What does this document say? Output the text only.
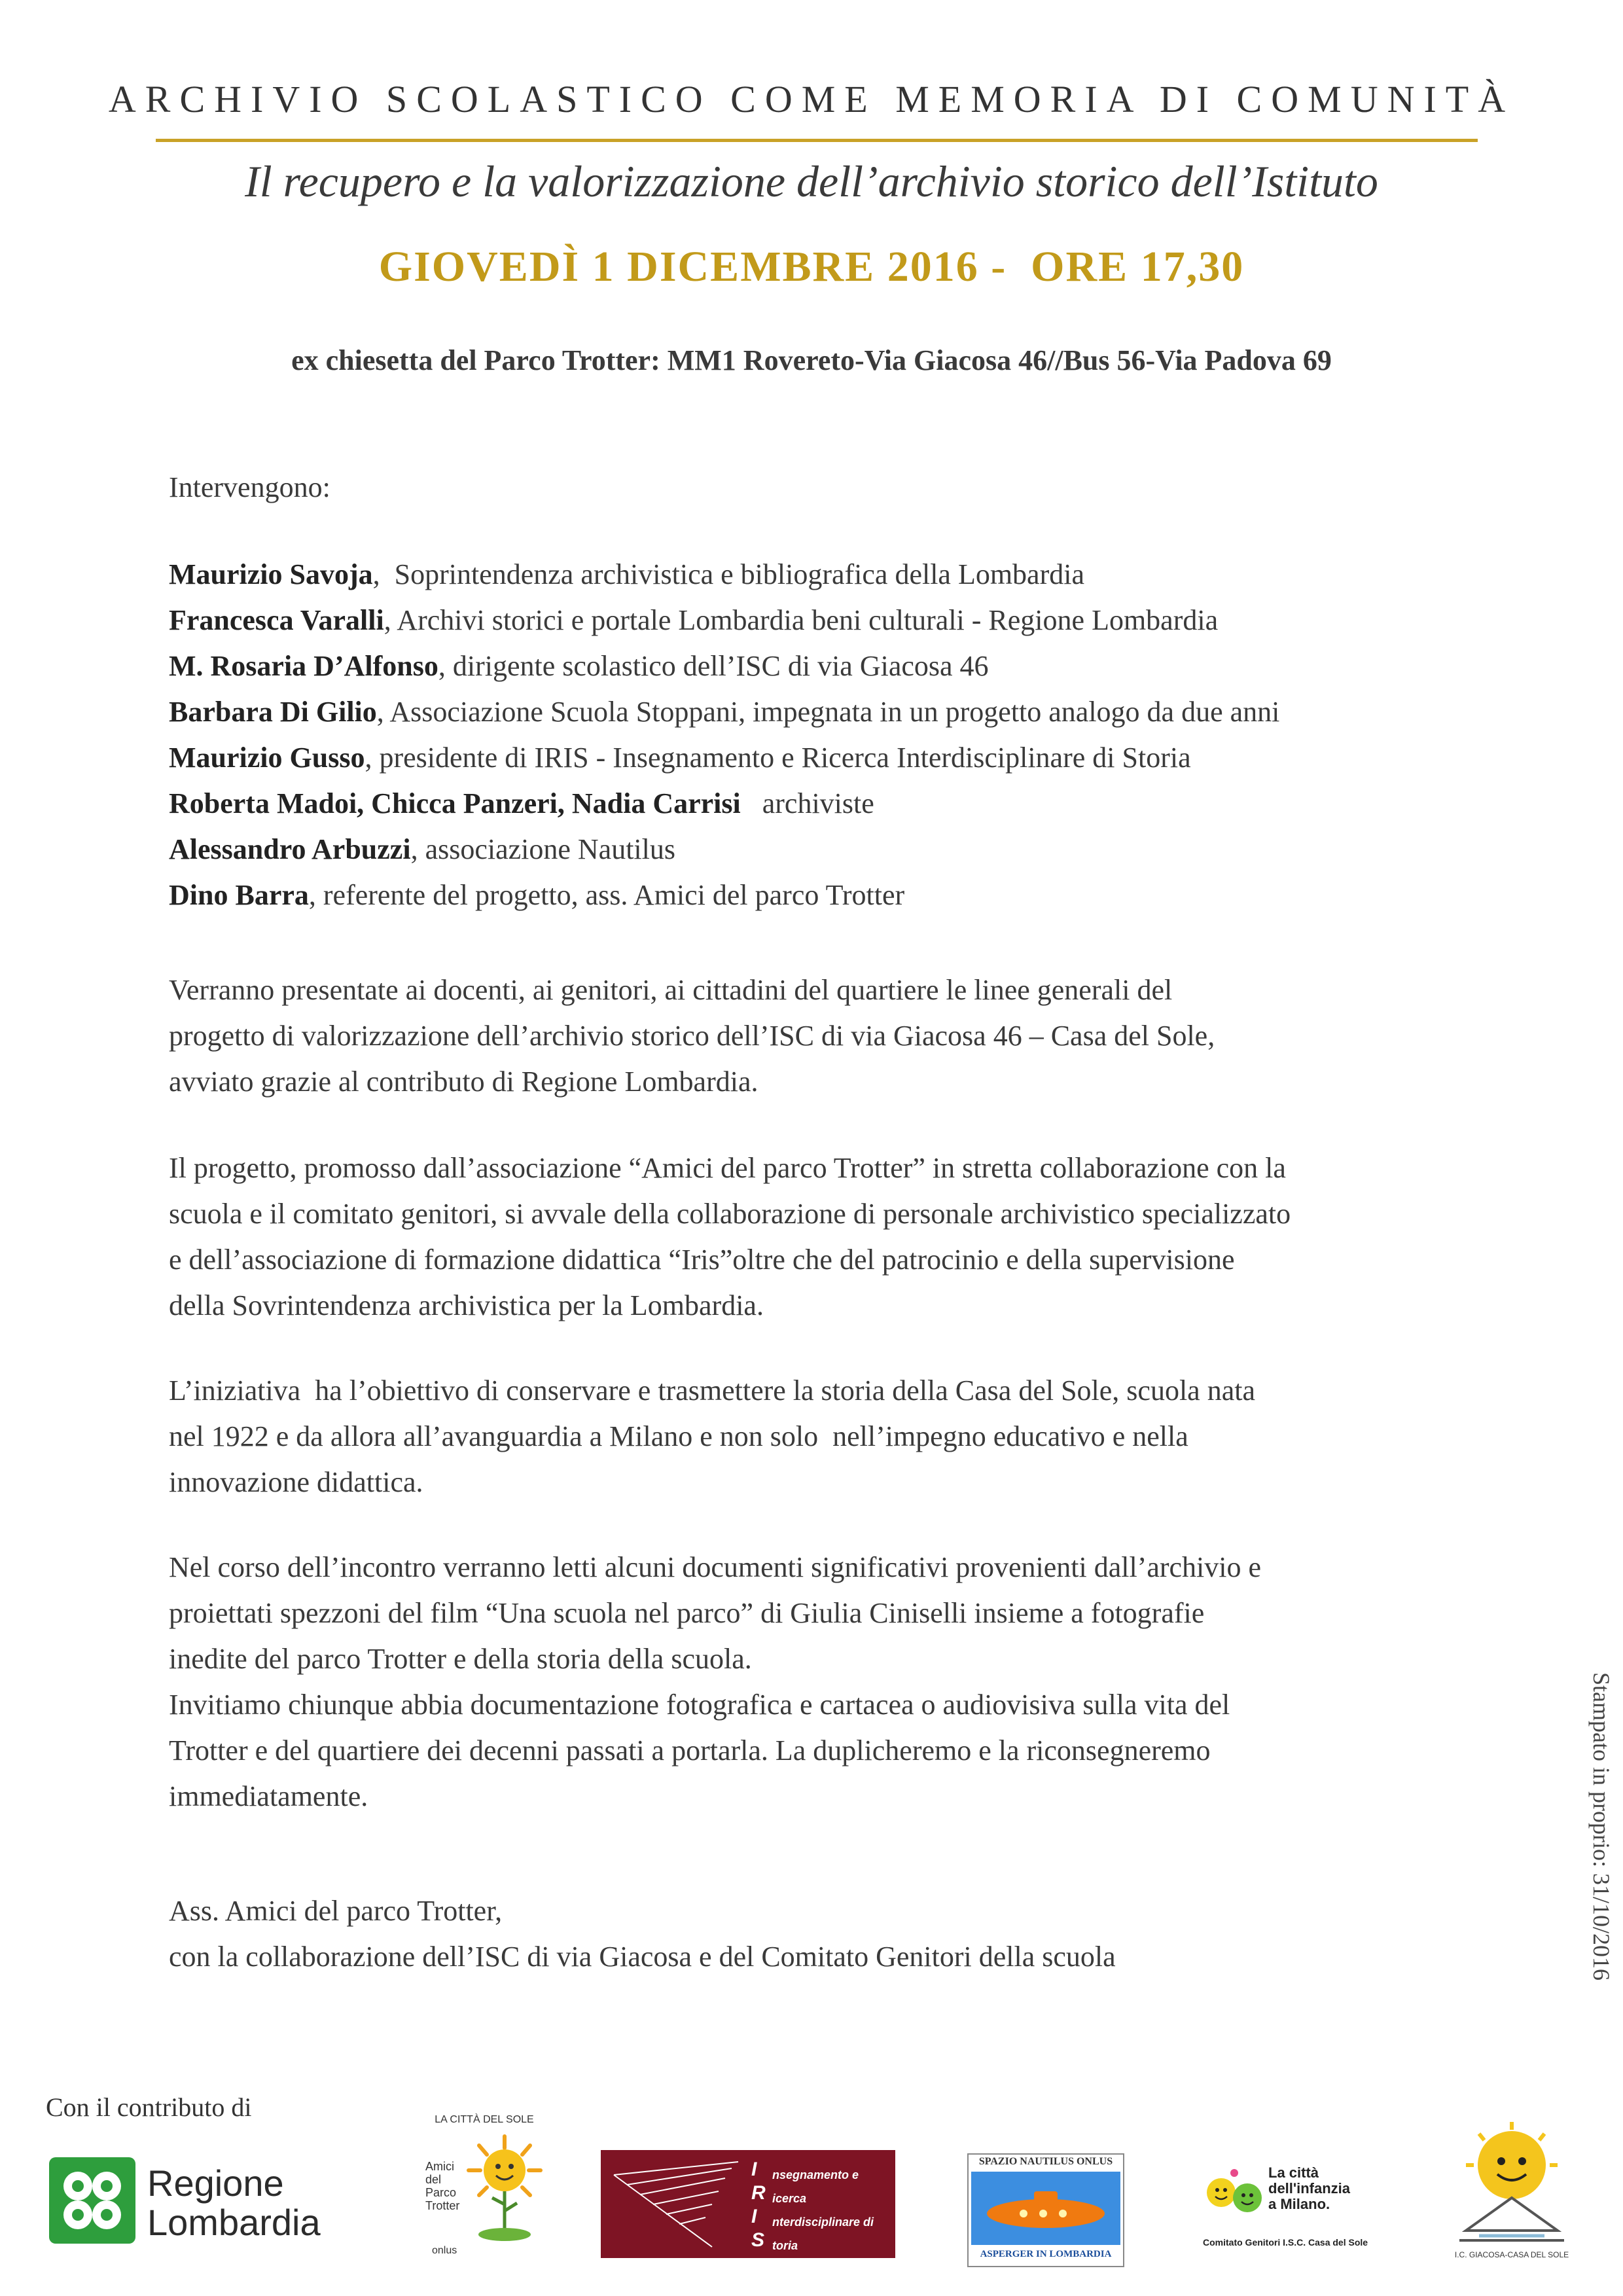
ARCHIVIO SCOLASTICO COME MEMORIA DI COMUNITÀ
Il recupero e la valorizzazione dell’archivio storico dell’Istituto
GIOVEDÌ 1 DICEMBRE 2016 -  ORE 17,30
ex chiesetta del Parco Trotter: MM1 Rovereto-Via Giacosa 46//Bus 56-Via Padova 69
Intervengono:
Maurizio Savoja,  Soprintendenza archivistica e bibliografica della Lombardia
Francesca Varalli, Archivi storici e portale Lombardia beni culturali - Regione Lombardia
M. Rosaria D’Alfonso, dirigente scolastico dell’ISC di via Giacosa 46
Barbara Di Gilio, Associazione Scuola Stoppani, impegnata in un progetto analogo da due anni
Maurizio Gusso, presidente di IRIS - Insegnamento e Ricerca Interdisciplinare di Storia
Roberta Madoi, Chicca Panzeri, Nadia Carrisi   archiviste
Alessandro Arbuzzi, associazione Nautilus
Dino Barra, referente del progetto, ass. Amici del parco Trotter
Verranno presentate ai docenti, ai genitori, ai cittadini del quartiere le linee generali del
progetto di valorizzazione dell’archivio storico dell’ISC di via Giacosa 46 – Casa del Sole,
avviato grazie al contributo di Regione Lombardia.
Il progetto, promosso dall’associazione “Amici del parco Trotter” in stretta collaborazione con la
scuola e il comitato genitori, si avvale della collaborazione di personale archivistico specializzato
e dell’associazione di formazione didattica “Iris”oltre che del patrocinio e della supervisione
della Sovrintendenza archivistica per la Lombardia.
L’iniziativa  ha l’obiettivo di conservare e trasmettere la storia della Casa del Sole, scuola nata
nel 1922 e da allora all’avanguardia a Milano e non solo  nell’impegno educativo e nella
innovazione didattica.
Nel corso dell’incontro verranno letti alcuni documenti significativi provenienti dall’archivio e
proiettati spezzoni del film “Una scuola nel parco” di Giulia Ciniselli insieme a fotografie
inedite del parco Trotter e della storia della scuola.
Invitiamo chiunque abbia documentazione fotografica e cartacea o audiovisiva sulla vita del
Trotter e del quartiere dei decenni passati a portarla. La duplicheremo e la riconsegneremo
immediatamente.
Ass. Amici del parco Trotter,
con la collaborazione dell’ISC di via Giacosa e del Comitato Genitori della scuola	Stampato in proprio: 31/10/2016
Con il contributo di
Regione
Lombardia
LA CITTÀ DEL SOLE
Amici
del
Parco
Trotter
onlus
I
R
I
S
nsegnamento e
icerca
nterdisciplinare di
toria
SPAZIO NAUTILUS ONLUS
ASPERGER IN LOMBARDIA
La città
dell'infanzia
a Milano.
Comitato Genitori I.S.C. Casa del Sole
I.C. GIACOSA-CASA DEL SOLE
